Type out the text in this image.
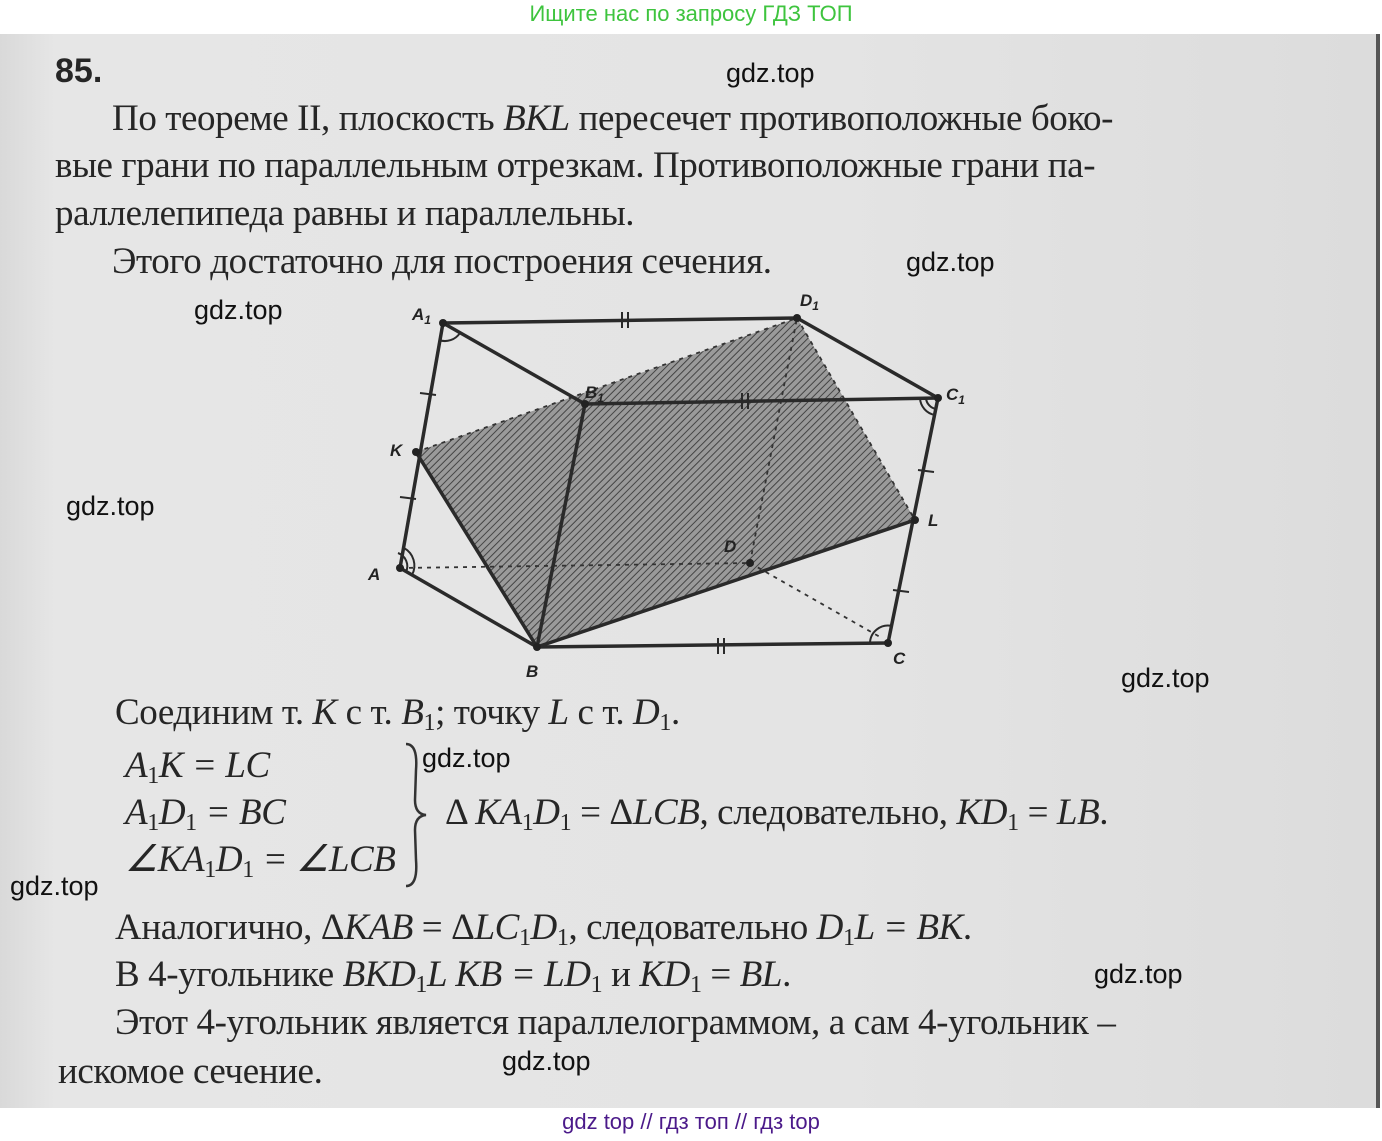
Ищите нас по запросу ГДЗ ТОП
85.
По теореме II, плоскость BKL пересечет противоположные боко-
вые грани по параллельным отрезкам. Противоположные грани па-
раллелепипеда равны и параллельны.
Этого достаточно для построения сечения.
Соединим т. K с т. B1; точку L с т. D1.
A1K = LC
A1D1 = BC
∠KA1D1 = ∠LCB
Δ KA1D1 = ΔLCB, следовательно, KD1 = LB.
Аналогично, ΔKAB = ΔLC1D1, следовательно D1L = BK.
В 4-угольнике BKD1L KB = LD1 и KD1 = BL.
Этот 4-угольник является параллелограммом, а сам 4-угольник –
искомое сечение.
$A_1$
$D_1$
$C_1$
$B_1$
K
L
A
D
B
C
gdz.top
gdz.top
gdz.top
gdz.top
gdz.top
gdz.top
gdz.top
gdz.top
gdz.top
gdz top // гдз топ // гдз top
